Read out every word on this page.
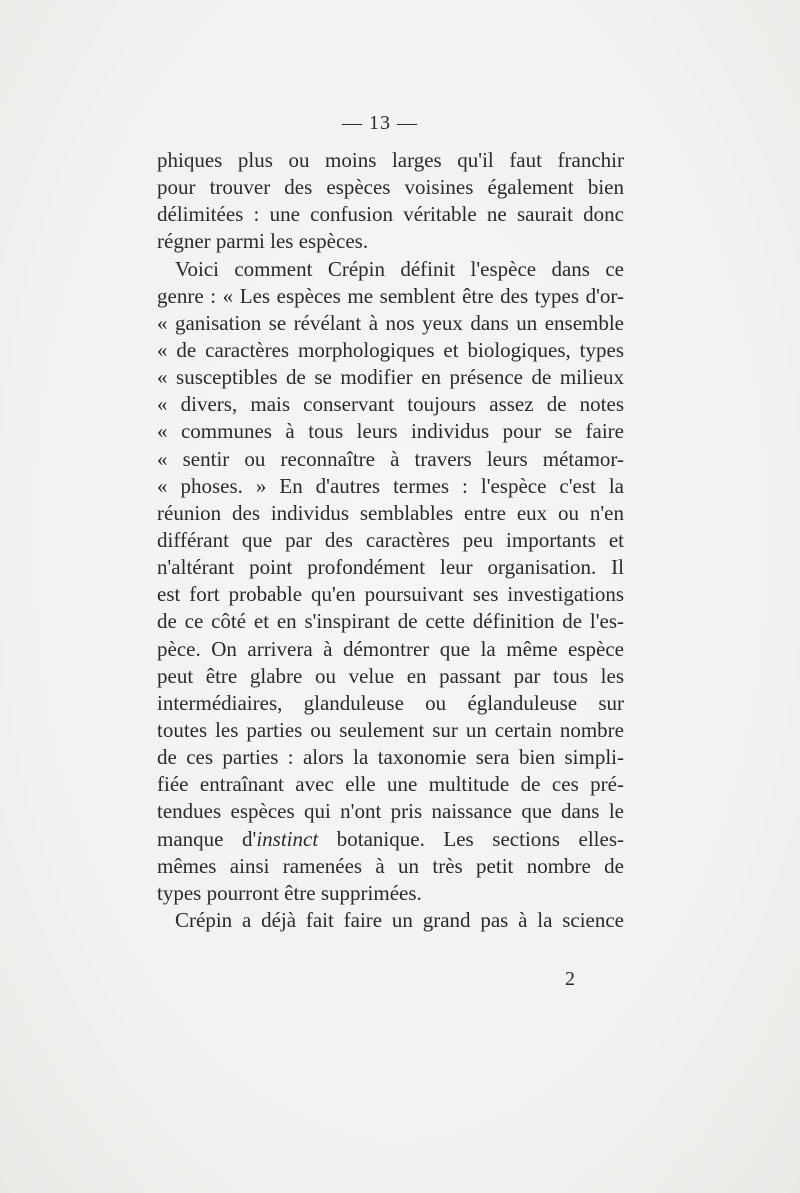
— 13 —
phiques plus ou moins larges qu'il faut franchir
pour trouver des espèces voisines également bien
délimitées : une confusion véritable ne saurait donc
régner parmi les espèces.
Voici comment Crépin définit l'espèce dans ce
genre : « Les espèces me semblent être des types d'or-
« ganisation se révélant à nos yeux dans un ensemble
« de caractères morphologiques et biologiques, types
« susceptibles de se modifier en présence de milieux
« divers, mais conservant toujours assez de notes
« communes à tous leurs individus pour se faire
« sentir ou reconnaître à travers leurs métamor-
« phoses. » En d'autres termes : l'espèce c'est la
réunion des individus semblables entre eux ou n'en
différant que par des caractères peu importants et
n'altérant point profondément leur organisation. Il
est fort probable qu'en poursuivant ses investigations
de ce côté et en s'inspirant de cette définition de l'es-
pèce. On arrivera à démontrer que la même espèce
peut être glabre ou velue en passant par tous les
intermédiaires, glanduleuse ou églanduleuse sur
toutes les parties ou seulement sur un certain nombre
de ces parties : alors la taxonomie sera bien simpli-
fiée entraînant avec elle une multitude de ces pré-
tendues espèces qui n'ont pris naissance que dans le
manque d'instinct botanique. Les sections elles-
mêmes ainsi ramenées à un très petit nombre de
types pourront être supprimées.
Crépin a déjà fait faire un grand pas à la science
2
